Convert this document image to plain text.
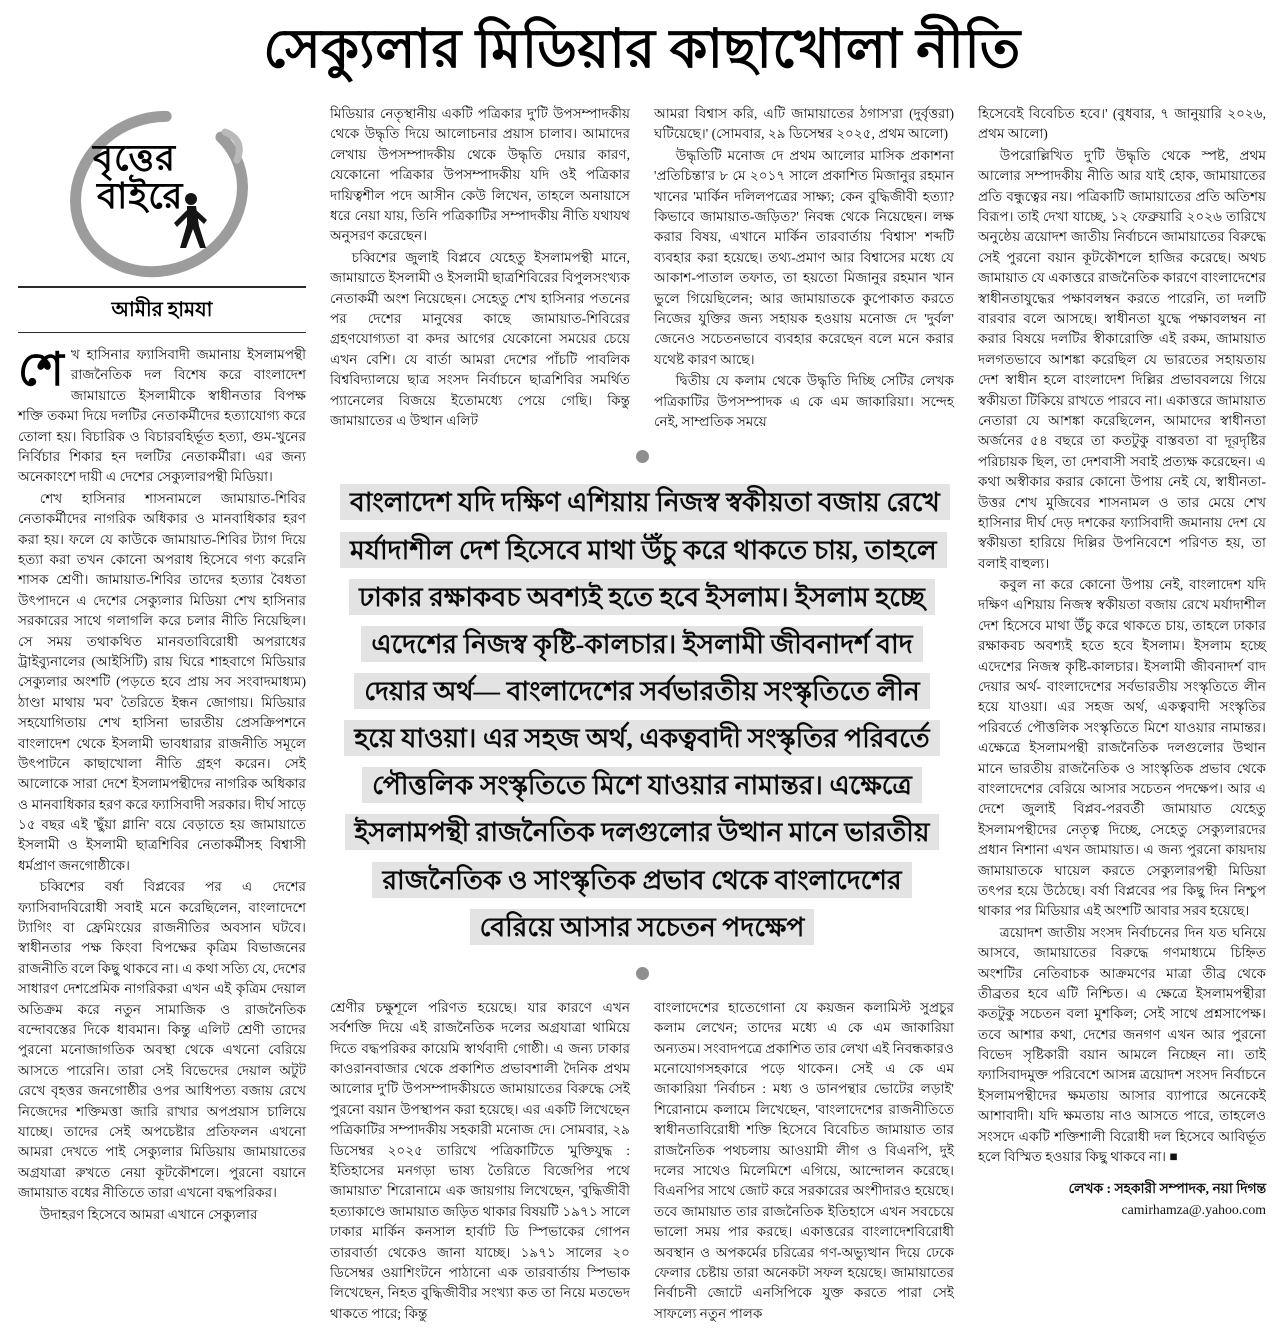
সেক্যুলার মিডিয়ার কাছাখোলা নীতি
বৃত্তের
বাইরে
আমীর হামযা

শেখ হাসিনার ফ্যাসিবাদী জমানায় ইসলামপন্থী রাজনৈতিক দল বিশেষ করে বাংলাদেশ জামায়াতে ইসলামীকে স্বাধীনতার বিপক্ষ শক্তি তকমা দিয়ে দলটির নেতাকর্মীদের হত্যাযোগ্য করে তোলা হয়। বিচারিক ও বিচারবহির্ভূত হত্যা, গুম-খুনের নির্বিচার শিকার হন দলটির নেতাকর্মীরা। এর জন্য অনেকাংশে দায়ী এ দেশের সেক্যুলারপন্থী মিডিয়া।

শেখ হাসিনার শাসনামলে জামায়াত-শিবির নেতাকর্মীদের নাগরিক অধিকার ও মানবাধিকার হরণ করা হয়। ফলে যে কাউকে জামায়াত-শিবির ট্যাগ দিয়ে হত্যা করা তখন কোনো অপরাধ হিসেবে গণ্য করেনি শাসক শ্রেণী। জামায়াত-শিবির তাদের হত্যার বৈধতা উৎপাদনে এ দেশের সেক্যুলার মিডিয়া শেখ হাসিনার সরকারের সাথে গলাগলি করে চলার নীতি নিয়েছিল। সে সময় তথাকথিত মানবতাবিরোধী অপরাধের ট্রাইব্যুনালের (আইসিটি) রায় ঘিরে শাহবাগে মিডিয়ার সেক্যুলার অংশটি (পড়তে হবে প্রায় সব সংবাদমাধ্যম) ঠাণ্ডা মাথায় 'মব' তৈরিতে ইন্ধন জোগায়। মিডিয়ার সহযোগিতায় শেখ হাসিনা ভারতীয় প্রেসক্রিপশনে বাংলাদেশ থেকে ইসলামী ভাবধারার রাজনীতি সমূলে উৎপাটনে কাছাখোলা নীতি গ্রহণ করেন। সেই আলোকে সারা দেশে ইসলামপন্থীদের নাগরিক অধিকার ও মানবাধিকার হরণ করে ফ্যাসিবাদী সরকার। দীর্ঘ সাড়ে ১৫ বছর এই 'ছুঁয়া গ্লানি' বয়ে বেড়াতে হয় জামায়াতে ইসলামী ও ইসলামী ছাত্রশিবির নেতাকর্মীসহ বিশ্বাসী ধর্মপ্রাণ জনগোষ্ঠীকে।

চব্বিশের বর্ষা বিপ্লবের পর এ দেশের ফ্যাসিবাদবিরোধী সবাই মনে করেছিলেন, বাংলাদেশে ট্যাগিং বা ফ্রেমিংয়ের রাজনীতির অবসান ঘটবে। স্বাধীনতার পক্ষ কিংবা বিপক্ষের কৃত্রিম বিভাজনের রাজনীতি বলে কিছু থাকবে না। এ কথা সত্যি যে, দেশের সাধারণ দেশপ্রেমিক নাগরিকরা এখন এই কৃত্রিম দেয়াল অতিক্রম করে নতুন সামাজিক ও রাজনৈতিক বন্দোবস্তের দিকে ধাবমান। কিন্তু এলিট শ্রেণী তাদের পুরনো মনোজাগতিক অবস্থা থেকে এখনো বেরিয়ে আসতে পারেনি। তারা সেই বিভেদের দেয়াল অটুট রেখে বৃহত্তর জনগোষ্ঠীর ওপর আধিপত্য বজায় রেখে নিজেদের শক্তিমত্তা জারি রাখার অপপ্রয়াস চালিয়ে যাচ্ছে। তাদের সেই অপচেষ্টার প্রতিফলন এখনো আমরা দেখতে পাই সেক্যুলার মিডিয়ায় জামায়াতের অগ্রযাত্রা রুখতে নেয়া কূটকৌশলে। পুরনো বয়ানে জামায়াত বধের নীতিতে তারা এখনো বদ্ধপরিকর।

উদাহরণ হিসেবে আমরা এখানে সেক্যুলার

মিডিয়ার নেতৃস্থানীয় একটি পত্রিকার দু'টি উপসম্পাদকীয় থেকে উদ্ধৃতি দিয়ে আলোচনার প্রয়াস চালাব। আমাদের লেখায় উপসম্পাদকীয় থেকে উদ্ধৃতি দেয়ার কারণ, যেকোনো পত্রিকার উপসম্পাদকীয় যদি ওই পত্রিকার দায়িত্বশীল পদে আসীন কেউ লিখেন, তাহলে অনায়াসে ধরে নেয়া যায়, তিনি পত্রিকাটির সম্পাদকীয় নীতি যথাযথ অনুসরণ করেছেন।

চব্বিশের জুলাই বিপ্লবে যেহেতু ইসলামপন্থী মানে, জামায়াতে ইসলামী ও ইসলামী ছাত্রশিবিরের বিপুলসংখ্যক নেতাকর্মী অংশ নিয়েছেন। সেহেতু শেখ হাসিনার পতনের পর দেশের মানুষের কাছে জামায়াত-শিবিরের গ্রহণযোগ্যতা বা কদর আগের যেকোনো সময়ের চেয়ে এখন বেশি। যে বার্তা আমরা দেশের পাঁচটি পাবলিক বিশ্ববিদ্যালয়ে ছাত্র সংসদ নির্বাচনে ছাত্রশিবির সমর্থিত প্যানেলের বিজয়ে ইতোমধ্যে পেয়ে গেছি। কিন্তু জামায়াতের এ উত্থান এলিট

আমরা বিশ্বাস করি, এটি জামায়াতের ঠগাস'রা (দুর্বৃত্তরা) ঘটিয়েছে।' (সোমবার, ২৯ ডিসেম্বর ২০২৫, প্রথম আলো)

উদ্ধৃতিটি মনোজ দে প্রথম আলোর মাসিক প্রকাশনা 'প্রতিচিন্তা'র ৮ মে ২০১৭ সালে প্রকাশিত মিজানুর রহমান খানের 'মার্কিন দলিলপত্রের সাক্ষ্য; কেন বুদ্ধিজীবী হত্যা? কিভাবে জামায়াত-জড়িত?' নিবন্ধ থেকে নিয়েছেন। লক্ষ করার বিষয়, এখানে মার্কিন তারবার্তায় 'বিশ্বাস' শব্দটি ব্যবহার করা হয়েছে। তথ্য-প্রমাণ আর বিশ্বাসের মধ্যে যে আকাশ-পাতাল তফাত, তা হয়তো মিজানুর রহমান খান ভুলে গিয়েছিলেন; আর জামায়াতকে কুপোকাত করতে নিজের যুক্তির জন্য সহায়ক হওয়ায় মনোজ দে 'দুর্বল' জেনেও সচেতনভাবে ব্যবহার করেছেন বলে মনে করার যথেষ্ট কারণ আছে।

দ্বিতীয় যে কলাম থেকে উদ্ধৃতি দিচ্ছি সেটির লেখক পত্রিকাটির উপসম্পাদক এ কে এম জাকারিয়া। সন্দেহ নেই, সাম্প্রতিক সময়ে

বাংলাদেশ যদি দক্ষিণ এশিয়ায় নিজস্ব স্বকীয়তা বজায় রেখে মর্যাদাশীল দেশ হিসেবে মাথা উঁচু করে থাকতে চায়, তাহলে ঢাকার রক্ষাকবচ অবশ্যই হতে হবে ইসলাম। ইসলাম হচ্ছে এদেশের নিজস্ব কৃষ্টি-কালচার। ইসলামী জীবনাদর্শ বাদ দেয়ার অর্থ— বাংলাদেশের সর্বভারতীয় সংস্কৃতিতে লীন হয়ে যাওয়া। এর সহজ অর্থ, একত্ববাদী সংস্কৃতির পরিবর্তে পৌত্তলিক সংস্কৃতিতে মিশে যাওয়ার নামান্তর। এক্ষেত্রে ইসলামপন্থী রাজনৈতিক দলগুলোর উত্থান মানে ভারতীয় রাজনৈতিক ও সাংস্কৃতিক প্রভাব থেকে বাংলাদেশের বেরিয়ে আসার সচেতন পদক্ষেপ

শ্রেণীর চক্ষুশূলে পরিণত হয়েছে। যার কারণে এখন সর্বশক্তি দিয়ে এই রাজনৈতিক দলের অগ্রযাত্রা থামিয়ে দিতে বদ্ধপরিকর কায়েমি স্বার্থবাদী গোষ্ঠী। এ জন্য ঢাকার কাওরানবাজার থেকে প্রকাশিত প্রভাবশালী দৈনিক প্রথম আলোর দু'টি উপসম্পাদকীয়তে জামায়াতের বিরুদ্ধে সেই পুরনো বয়ান উপস্থাপন করা হয়েছে। এর একটি লিখেছেন পত্রিকাটির সম্পাদকীয় সহকারী মনোজ দে। সোমবার, ২৯ ডিসেম্বর ২০২৫ তারিখে পত্রিকাটিতে 'মুক্তিযুদ্ধ : ইতিহাসের মনগড়া ভাষ্য তৈরিতে বিজেপির পথে জামায়াত' শিরোনামে এক জায়গায় লিখেছেন, 'বুদ্ধিজীবী হত্যাকাণ্ডে জামায়াত জড়িত থাকার বিষয়টি ১৯৭১ সালে ঢাকার মার্কিন কনসাল হার্বাট ডি স্পিভাকের গোপন তারবার্তা থেকেও জানা যাচ্ছে। ১৯৭১ সালের ২০ ডিসেম্বর ওয়াশিংটনে পাঠানো এক তারবার্তায় স্পিভাক লিখেছেন, নিহত বুদ্ধিজীবীর সংখ্যা কত তা নিয়ে মতভেদ থাকতে পারে; কিন্তু

বাংলাদেশের হাতেগোনা যে কয়জন কলামিস্ট সুপ্রচুর কলাম লেখেন; তাদের মধ্যে এ কে এম জাকারিয়া অন্যতম। সংবাদপত্রে প্রকাশিত তার লেখা এই নিবন্ধকারও মনোযোগসহকারে পড়ে থাকেন। সেই এ কে এম জাকারিয়া 'নির্বাচন : মধ্য ও ডানপন্থার ভোটের লড়াই' শিরোনামে কলামে লিখেছেন, 'বাংলাদেশের রাজনীতিতে স্বাধীনতাবিরোধী শক্তি হিসেবে বিবেচিত জামায়াত তার রাজনৈতিক পথচলায় আওয়ামী লীগ ও বিএনপি, দুই দলের সাথেও মিলেমিশে এগিয়ে, আন্দোলন করেছে। বিএনপির সাথে জোট করে সরকারের অংশীদারও হয়েছে। তবে জামায়াত তার রাজনৈতিক ইতিহাসে এখন সবচেয়ে ভালো সময় পার করছে। একাত্তরের বাংলাদেশবিরোধী অবস্থান ও অপকর্মের চরিত্রের গণ-অভ্যুত্থান দিয়ে ঢেকে ফেলার চেষ্টায় তারা অনেকটা সফল হয়েছে। জামায়াতের নির্বাচনী জোটে এনসিপিকে যুক্ত করতে পারা সেই সাফল্যে নতুন পালক

হিসেবেই বিবেচিত হবে।' (বুধবার, ৭ জানুয়ারি ২০২৬, প্রথম আলো)

উপরোল্লিখিত দু'টি উদ্ধৃতি থেকে স্পষ্ট, প্রথম আলোর সম্পাদকীয় নীতি আর যাই হোক, জামায়াতের প্রতি বন্ধুত্বের নয়। পত্রিকাটি জামায়াতের প্রতি অতিশয় বিরূপ। তাই দেখা যাচ্ছে, ১২ ফেব্রুয়ারি ২০২৬ তারিখে অনুষ্ঠেয় ত্রয়োদশ জাতীয় নির্বাচনে জামায়াতের বিরুদ্ধে সেই পুরনো বয়ান কূটকৌশলে হাজির করেছে। অথচ জামায়াত যে একাত্তরে রাজনৈতিক কারণে বাংলাদেশের স্বাধীনতাযুদ্ধের পক্ষাবলম্বন করতে পারেনি, তা দলটি বারবার বলে আসছে। স্বাধীনতা যুদ্ধে পক্ষাবলম্বন না করার বিষয়ে দলটির স্বীকারোক্তি এই রকম, জামায়াত দলগতভাবে আশঙ্কা করেছিল যে ভারতের সহায়তায় দেশ স্বাধীন হলে বাংলাদেশ দিল্লির প্রভাববলয়ে গিয়ে স্বকীয়তা টিকিয়ে রাখতে পারবে না। একাত্তরে জামায়াত নেতারা যে আশঙ্কা করেছিলেন, আমাদের স্বাধীনতা অর্জনের ৫৪ বছরে তা কতটুকু বাস্তবতা বা দূরদৃষ্টির পরিচায়ক ছিল, তা দেশবাসী সবাই প্রত্যক্ষ করেছেন। এ কথা অস্বীকার করার কোনো উপায় নেই যে, স্বাধীনতা-উত্তর শেখ মুজিবের শাসনামল ও তার মেয়ে শেখ হাসিনার দীর্ঘ দেড় দশকের ফ্যাসিবাদী জমানায় দেশ যে স্বকীয়তা হারিয়ে দিল্লির উপনিবেশে পরিণত হয়, তা বলাই বাহুল্য।

কবুল না করে কোনো উপায় নেই, বাংলাদেশ যদি দক্ষিণ এশিয়ায় নিজস্ব স্বকীয়তা বজায় রেখে মর্যাদাশীল দেশ হিসেবে মাথা উঁচু করে থাকতে চায়, তাহলে ঢাকার রক্ষাকবচ অবশ্যই হতে হবে ইসলাম। ইসলাম হচ্ছে এদেশের নিজস্ব কৃষ্টি-কালচার। ইসলামী জীবনাদর্শ বাদ দেয়ার অর্থ- বাংলাদেশের সর্বভারতীয় সংস্কৃতিতে লীন হয়ে যাওয়া। এর সহজ অর্থ, একত্ববাদী সংস্কৃতির পরিবর্তে পৌত্তলিক সংস্কৃতিতে মিশে যাওয়ার নামান্তর। এক্ষেত্রে ইসলামপন্থী রাজনৈতিক দলগুলোর উত্থান মানে ভারতীয় রাজনৈতিক ও সাংস্কৃতিক প্রভাব থেকে বাংলাদেশের বেরিয়ে আসার সচেতন পদক্ষেপ। আর এ দেশে জুলাই বিপ্লব-পরবর্তী জামায়াত যেহেতু ইসলামপন্থীদের নেতৃত্ব দিচ্ছে, সেহেতু সেক্যুলারদের প্রধান নিশানা এখন জামায়াত। এ জন্য পুরনো কায়দায় জামায়াতকে ঘায়েল করতে সেক্যুলারপন্থী মিডিয়া তৎপর হয়ে উঠেছে। বর্ষা বিপ্লবের পর কিছু দিন নিশ্চুপ থাকার পর মিডিয়ার এই অংশটি আবার সরব হয়েছে।

ত্রয়োদশ জাতীয় সংসদ নির্বাচনের দিন যত ঘনিয়ে আসবে, জামায়াতের বিরুদ্ধে গণমাধ্যমে চিহ্নিত অংশটির নেতিবাচক আক্রমণের মাত্রা তীব্র থেকে তীব্রতর হবে এটি নিশ্চিত। এ ক্ষেত্রে ইসলামপন্থীরা কতটুকু সচেতন বলা মুশকিল; সেই সাথে প্রশ্নসাপেক্ষ। তবে আশার কথা, দেশের জনগণ এখন আর পুরনো বিভেদ সৃষ্টিকারী বয়ান আমলে নিচ্ছেন না। তাই ফ্যাসিবাদমুক্ত পরিবেশে আসন্ন ত্রয়োদশ সংসদ নির্বাচনে ইসলামপন্থীদের ক্ষমতায় আসার ব্যাপারে অনেকেই আশাবাদী। যদি ক্ষমতায় নাও আসতে পারে, তাহলেও সংসদে একটি শক্তিশালী বিরোধী দল হিসেবে আবির্ভূত হলে বিস্মিত হওয়ার কিছু থাকবে না। ■

লেখক : সহকারী সম্পাদক, নয়া দিগন্ত
camirhamza@.yahoo.com
